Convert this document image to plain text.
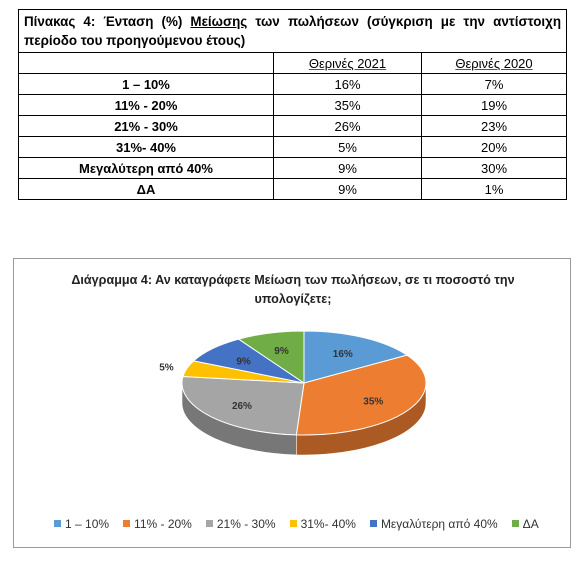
Πίνακας 4: Ένταση (%) Μείωσης των πωλήσεων (σύγκριση με την αντίστοιχη περίοδο του προηγούμενου έτους)		
	Θερινές 2021	Θερινές 2020
1 – 10%	16%	7%
11% - 20%	35%	19%
21% - 30%	26%	23%
31%- 40%	5%	20%
Μεγαλύτερη από 40%	9%	30%
ΔΑ	9%	1%
Διάγραμμα 4: Αν καταγράφετε Μείωση των πωλήσεων, σε τι ποσοστό την υπολογίζετε;
16%
35%
26%
5%
9%
9%
1 – 10% 11% - 20% 21% - 30% 31%- 40% Μεγαλύτερη από 40% ΔΑ
